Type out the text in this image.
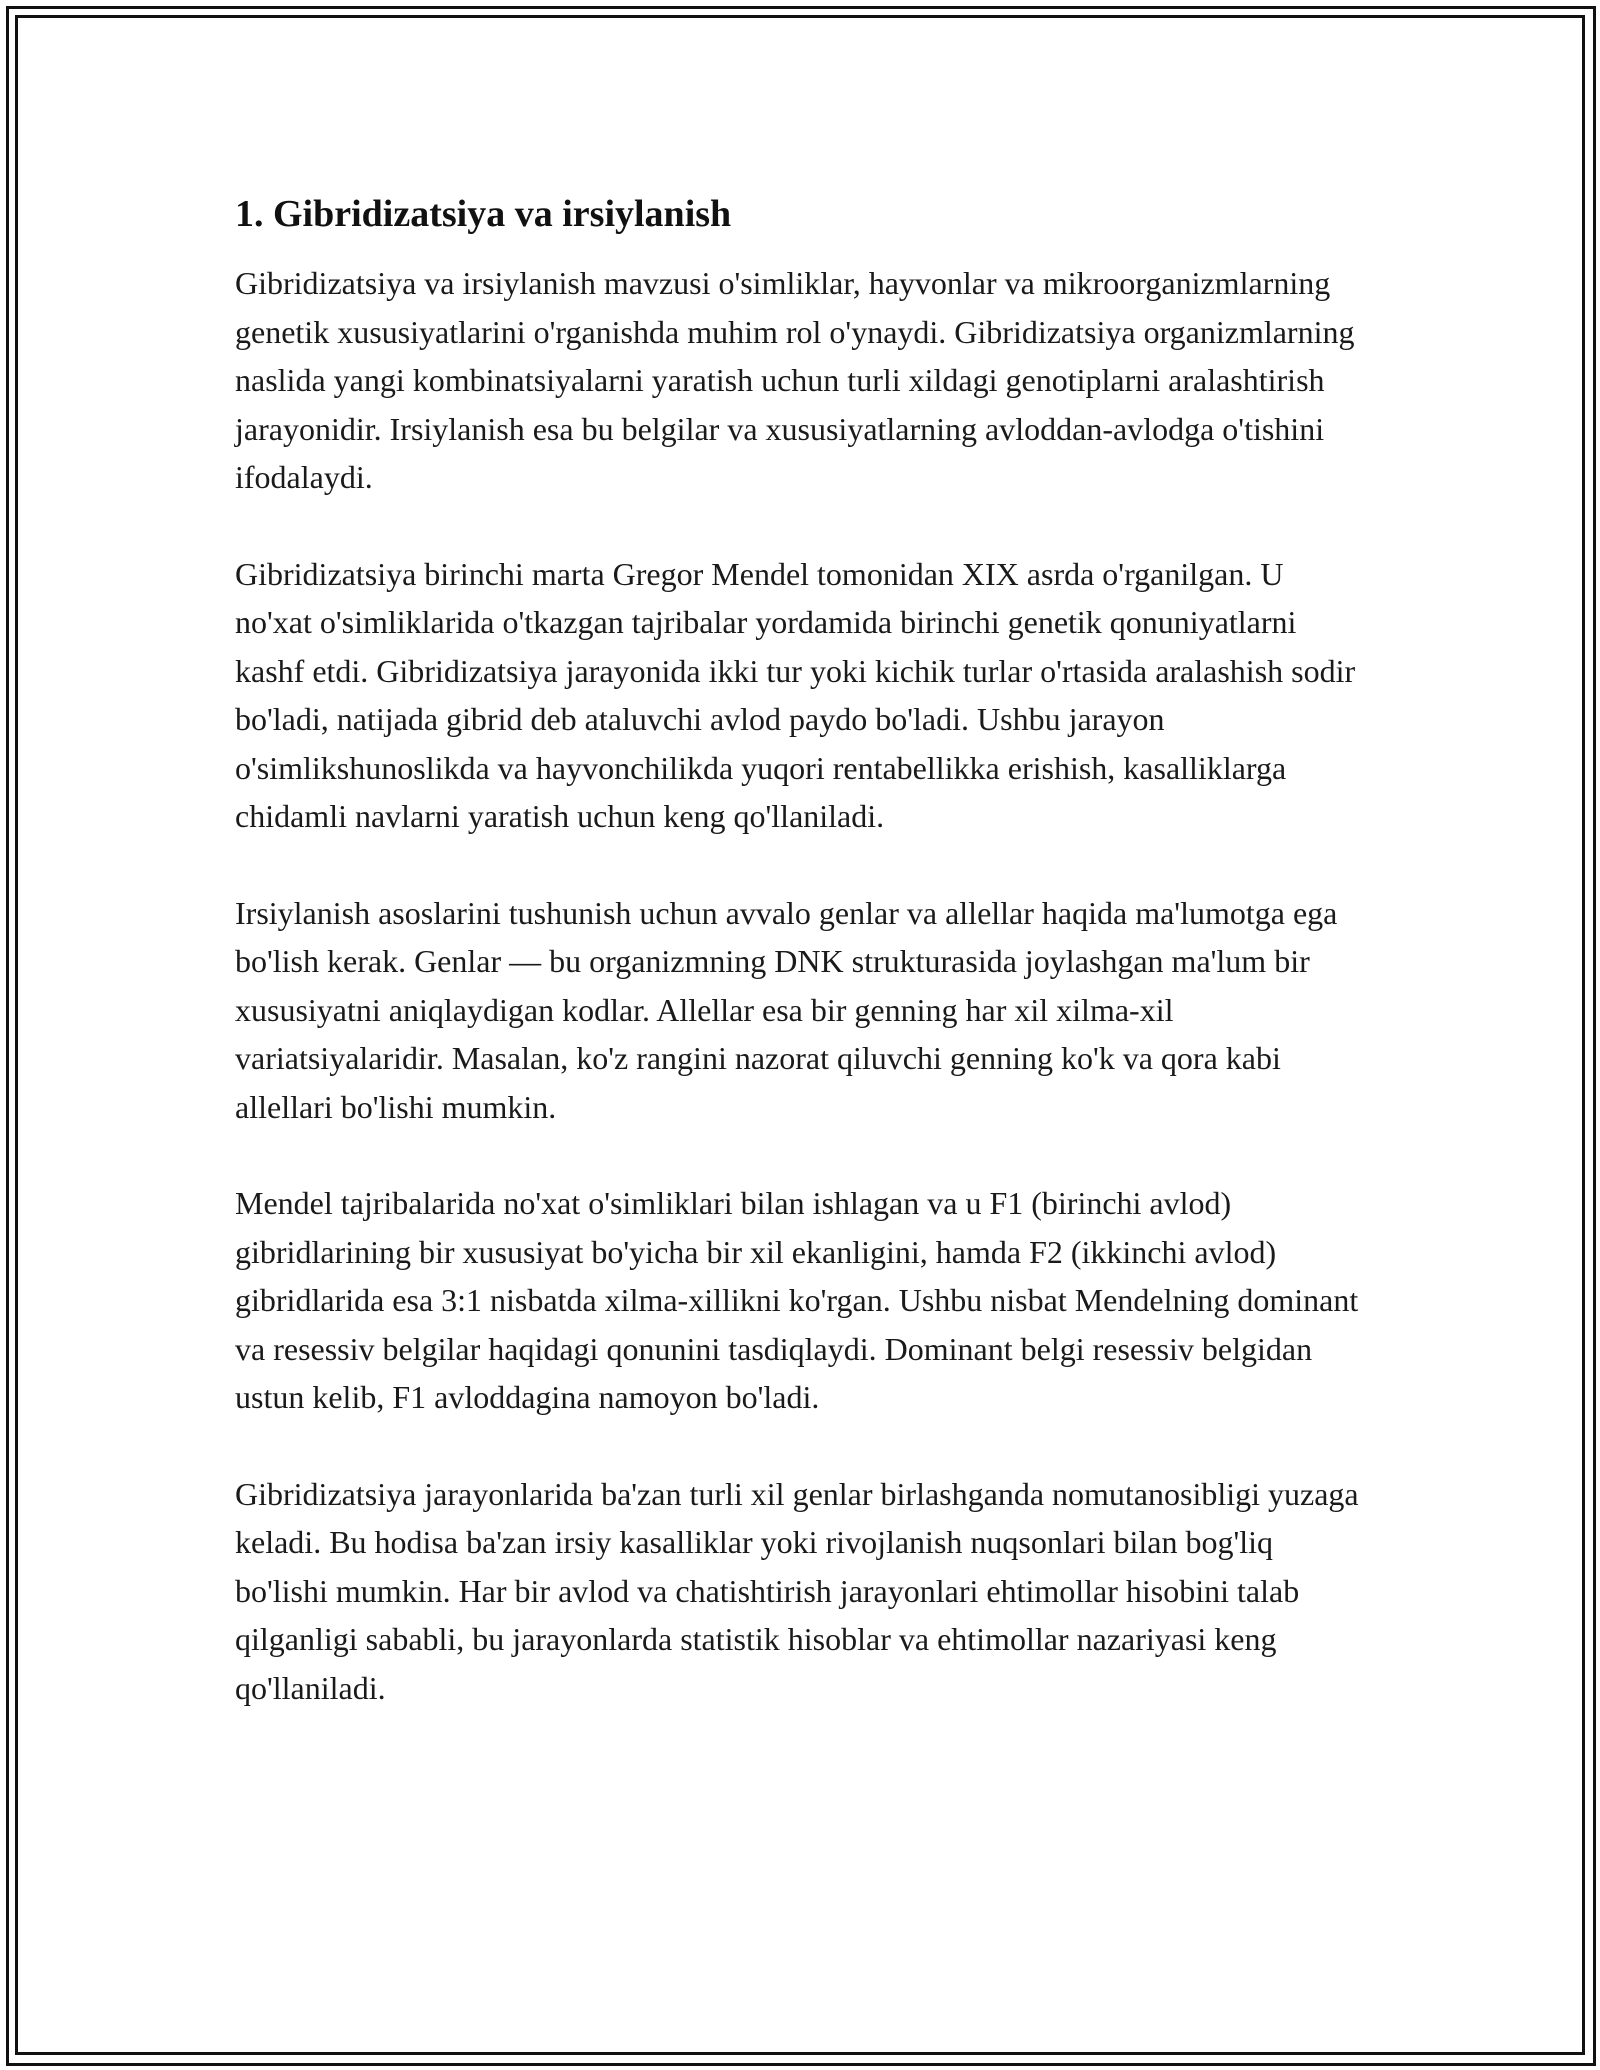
1. Gibridizatsiya va irsiylanish

Gibridizatsiya va irsiylanish mavzusi o'simliklar, hayvonlar va mikroorganizmlarning genetik xususiyatlarini o'rganishda muhim rol o'ynaydi. Gibridizatsiya organizmlarning naslida yangi kombinatsiyalarni yaratish uchun turli xildagi genotiplarni aralashtirish jarayonidir. Irsiylanish esa bu belgilar va xususiyatlarning avloddan-avlodga o'tishini ifodalaydi.

Gibridizatsiya birinchi marta Gregor Mendel tomonidan XIX asrda o'rganilgan. U no'xat o'simliklarida o'tkazgan tajribalar yordamida birinchi genetik qonuniyatlarni kashf etdi. Gibridizatsiya jarayonida ikki tur yoki kichik turlar o'rtasida aralashish sodir bo'ladi, natijada gibrid deb ataluvchi avlod paydo bo'ladi. Ushbu jarayon o'simlikshunoslikda va hayvonchilikda yuqori rentabellikka erishish, kasalliklarga chidamli navlarni yaratish uchun keng qo'llaniladi.

Irsiylanish asoslarini tushunish uchun avvalo genlar va allellar haqida ma'lumotga ega bo'lish kerak. Genlar — bu organizmning DNK strukturasida joylashgan ma'lum bir xususiyatni aniqlaydigan kodlar. Allellar esa bir genning har xil xilma-xil variatsiyalaridir. Masalan, ko'z rangini nazorat qiluvchi genning ko'k va qora kabi allellari bo'lishi mumkin.

Mendel tajribalarida no'xat o'simliklari bilan ishlagan va u F1 (birinchi avlod) gibridlarining bir xususiyat bo'yicha bir xil ekanligini, hamda F2 (ikkinchi avlod) gibridlarida esa 3:1 nisbatda xilma-xillikni ko'rgan. Ushbu nisbat Mendelning dominant va resessiv belgilar haqidagi qonunini tasdiqlaydi. Dominant belgi resessiv belgidan ustun kelib, F1 avloddagina namoyon bo'ladi.

Gibridizatsiya jarayonlarida ba'zan turli xil genlar birlashganda nomutanosibligi yuzaga keladi. Bu hodisa ba'zan irsiy kasalliklar yoki rivojlanish nuqsonlari bilan bog'liq bo'lishi mumkin. Har bir avlod va chatishtirish jarayonlari ehtimollar hisobini talab qilganligi sababli, bu jarayonlarda statistik hisoblar va ehtimollar nazariyasi keng qo'llaniladi.
